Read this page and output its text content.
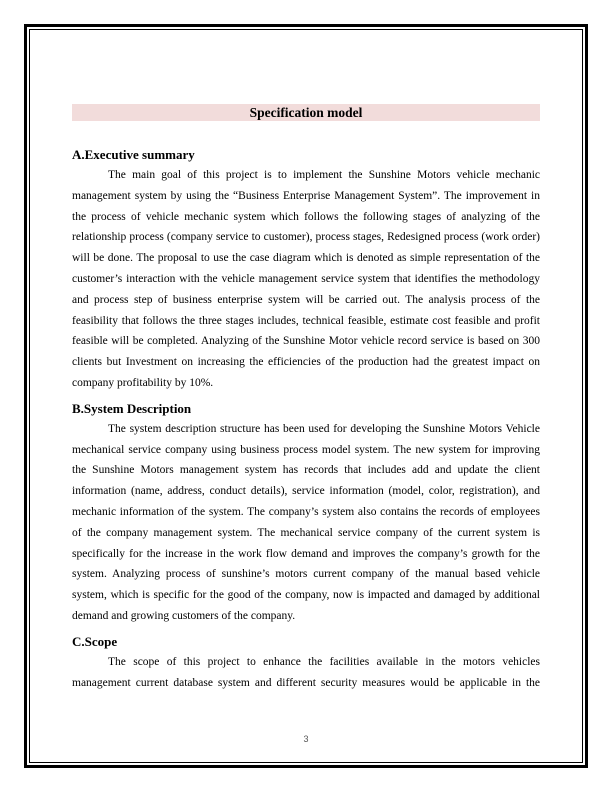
Specification model
A.Executive summary

The main goal of this project is to implement the Sunshine Motors vehicle mechanic management system by using the “Business Enterprise Management System”. The improvement in the process of vehicle mechanic system which follows the following stages of analyzing of the relationship process (company service to customer), process stages, Redesigned process (work order) will be done. The proposal to use the case diagram which is denoted as simple representation of the customer’s interaction with the vehicle management service system that identifies the methodology and process step of business enterprise system will be carried out. The analysis process of the feasibility that follows the three stages includes, technical feasible, estimate cost feasible and profit feasible will be completed. Analyzing of the Sunshine Motor vehicle record service is based on 300 clients but Investment on increasing the efficiencies of the production had the greatest impact on company profitability by 10%.

B.System Description

The system description structure has been used for developing the Sunshine Motors Vehicle mechanical service company using business process model system. The new system for improving the Sunshine Motors management system has records that includes add and update the client information (name, address, conduct details), service information (model, color, registration), and mechanic information of the system. The company’s system also contains the records of employees of the company management system. The mechanical service company of the current system is specifically for the increase in the work flow demand and improves the company’s growth for the system. Analyzing process of sunshine’s motors current company of the manual based vehicle system, which is specific for the good of the company, now is impacted and damaged by additional demand and growing customers of the company.

C.Scope

The scope of this project to enhance the facilities available in the motors vehicles management current database system and different security measures would be applicable in the

3
